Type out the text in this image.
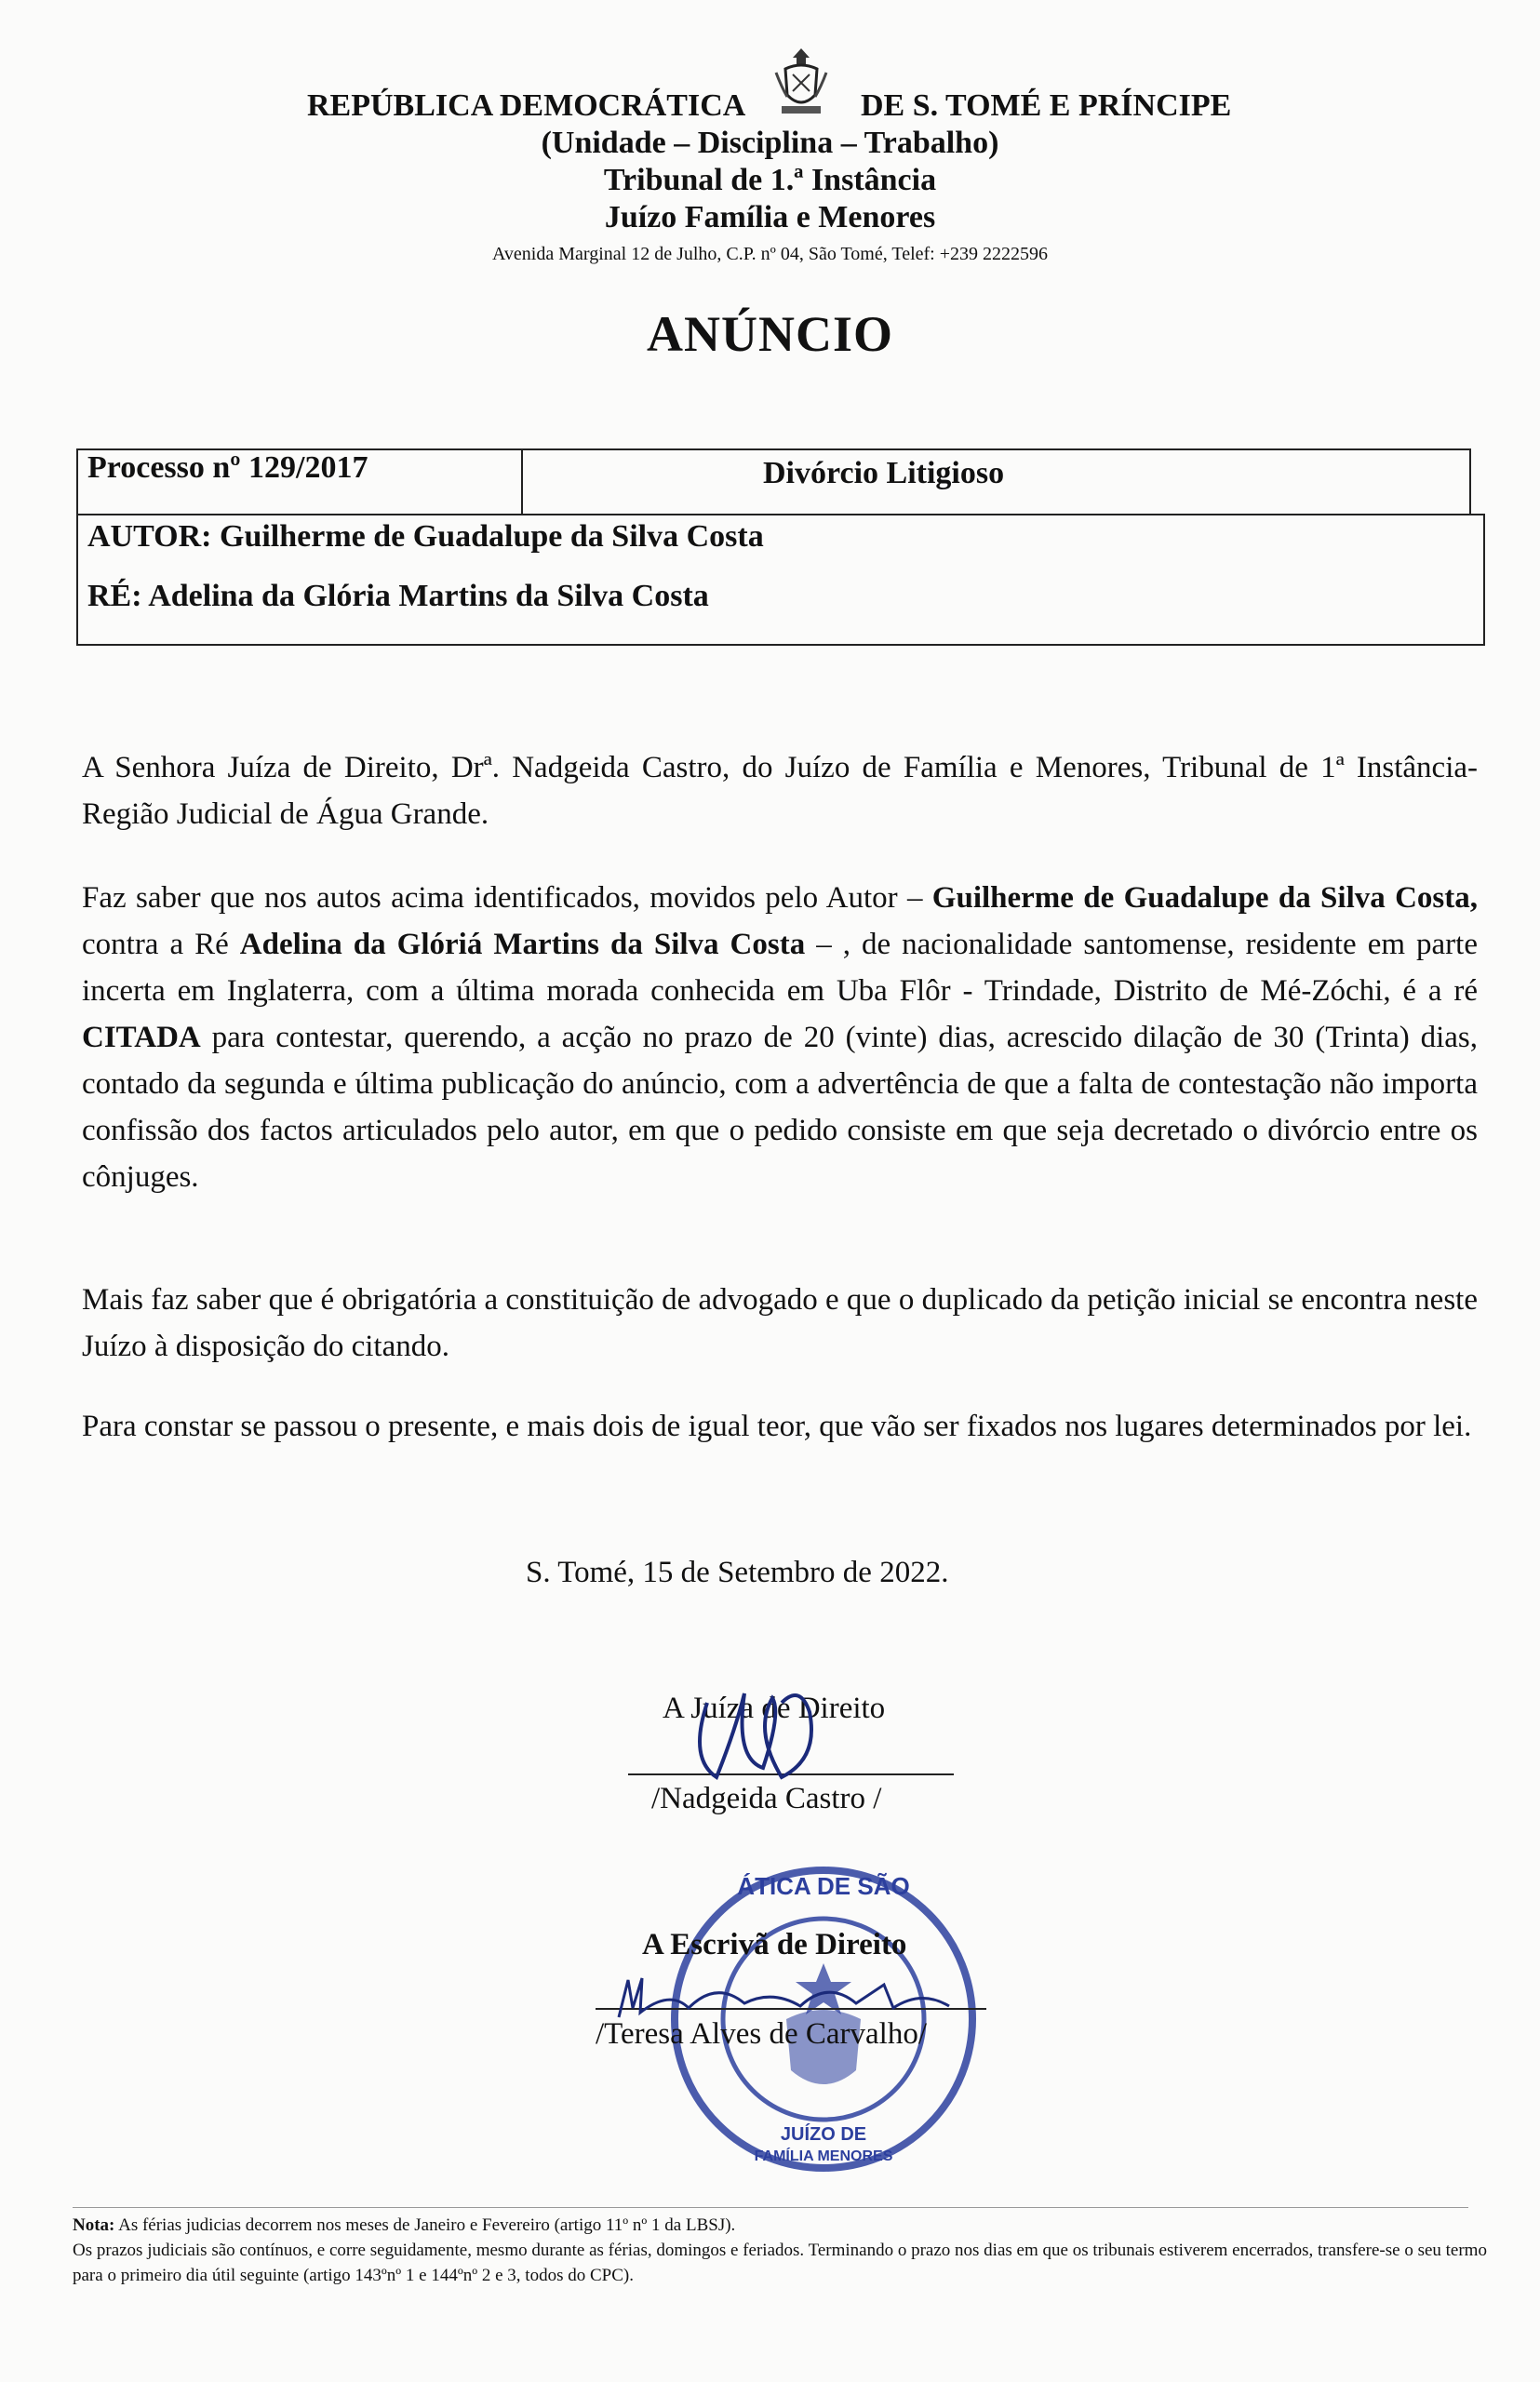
REPÚBLICA DEMOCRÁTICA	DE S. TOMÉ E PRÍNCIPE
(Unidade – Disciplina – Trabalho)
Tribunal de 1.ª Instância
Juízo Família e Menores
Avenida Marginal 12 de Julho, C.P. nº 04, São Tomé, Telef: +239 2222596
ANÚNCIO
Processo nº 129/2017	Divórcio Litigioso
AUTOR: Guilherme de Guadalupe da Silva Costa
RÉ: Adelina da Glória Martins da Silva Costa
A Senhora Juíza de Direito, Drª. Nadgeida Castro, do Juízo de Família e Menores, Tribunal de 1ª Instância- Região Judicial de Água Grande.
Faz saber que nos autos acima identificados, movidos pelo Autor – Guilherme de Guadalupe da Silva Costa, contra a Ré Adelina da Glóriá Martins da Silva Costa – , de nacionalidade santomense, residente em parte incerta em Inglaterra, com a última morada conhecida em Uba Flôr - Trindade, Distrito de Mé-Zóchi, é a ré CITADA para contestar, querendo, a acção no prazo de 20 (vinte) dias, acrescido dilação de 30 (Trinta) dias, contado da segunda e última publicação do anúncio, com a advertência de que a falta de contestação não importa confissão dos factos articulados pelo autor, em que o pedido consiste em que seja decretado o divórcio entre os cônjuges.
Mais faz saber que é obrigatória a constituição de advogado e que o duplicado da petição inicial se encontra neste Juízo à disposição do citando.
Para constar se passou o presente, e mais dois de igual teor, que vão ser fixados nos lugares determinados por lei.
S. Tomé, 15 de Setembro de 2022.
A Juíza de Direito
/Nadgeida Castro /
ÁTICA DE SÃO
JUÍZO DE
FAMÍLIA MENORES
A Escrivã de Direito
/Teresa Alves de Carvalho/
Nota: As férias judicias decorrem nos meses de Janeiro e Fevereiro (artigo 11º nº 1 da LBSJ).
Os prazos judiciais são contínuos, e corre seguidamente, mesmo durante as férias, domingos e feriados. Terminando o prazo nos dias em que os tribunais estiverem encerrados, transfere-se o seu termo para o primeiro dia útil seguinte (artigo 143ºnº 1 e 144ºnº 2 e 3, todos do CPC).
